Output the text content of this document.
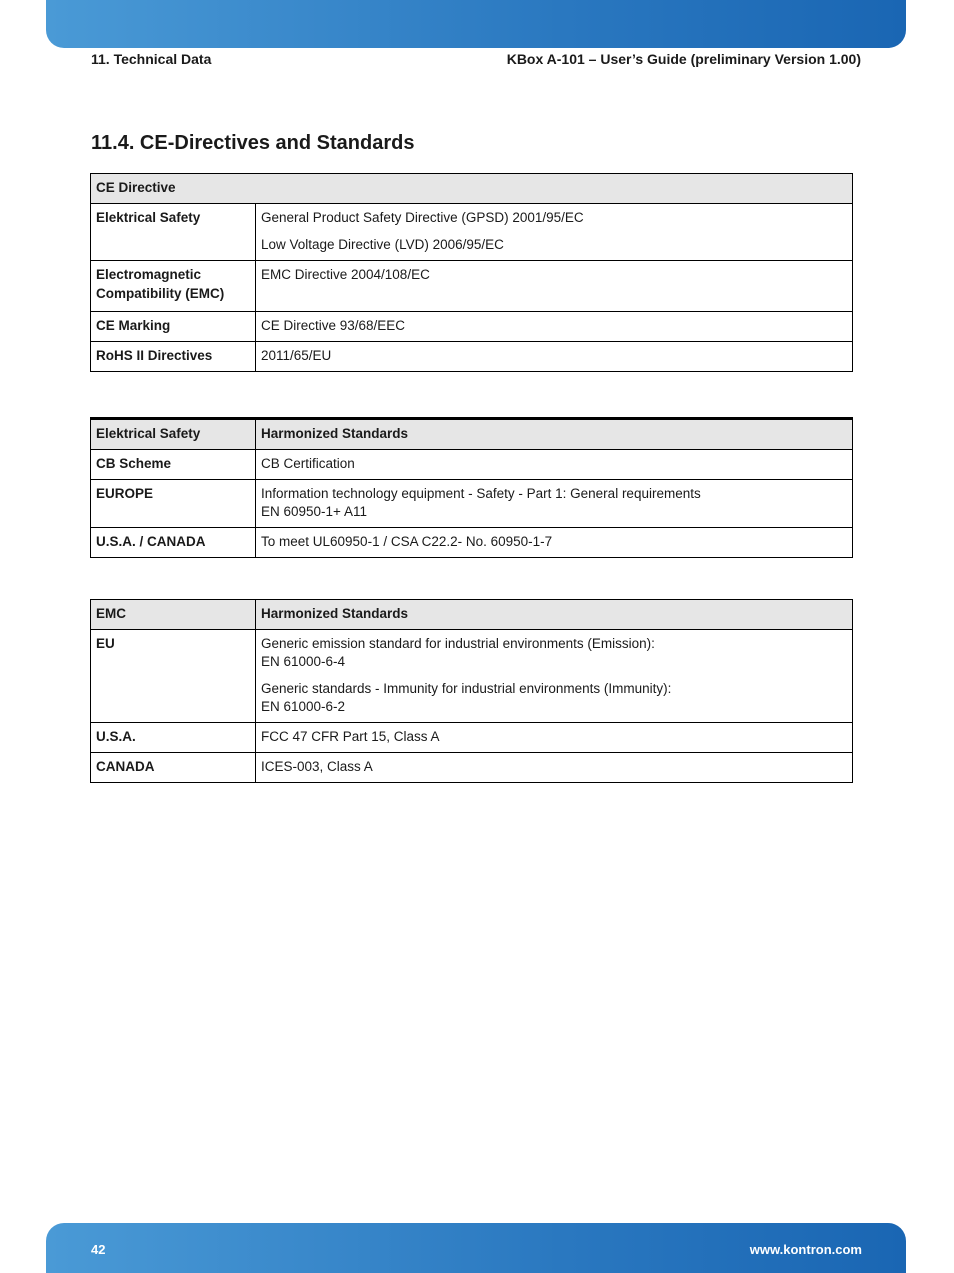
11. Technical Data	KBox A-101 – User’s Guide (preliminary Version 1.00)
11.4. CE-Directives and Standards
CE Directive	
Elektrical Safety	General Product Safety Directive (GPSD) 2001/95/EC
Low Voltage Directive (LVD) 2006/95/EC

Electromagnetic
Compatibility (EMC)	EMC Directive 2004/108/EC

CE Marking	CE Directive 93/68/EEC

RoHS II Directives	2011/65/EU
Elektrical Safety	Harmonized Standards
CB Scheme	CB Certification

EUROPE	Information technology equipment - Safety - Part 1: General requirements
EN 60950-1+ A11

U.S.A. / CANADA	To meet UL60950-1 / CSA C22.2- No. 60950-1-7
EMC	Harmonized Standards
EU	Generic emission standard for industrial environments (Emission):
EN 61000-6-4
Generic standards - Immunity for industrial environments (Immunity):
EN 61000-6-2

U.S.A.	FCC 47 CFR Part 15, Class A

CANADA	ICES-003, Class A
42	www.kontron.com
